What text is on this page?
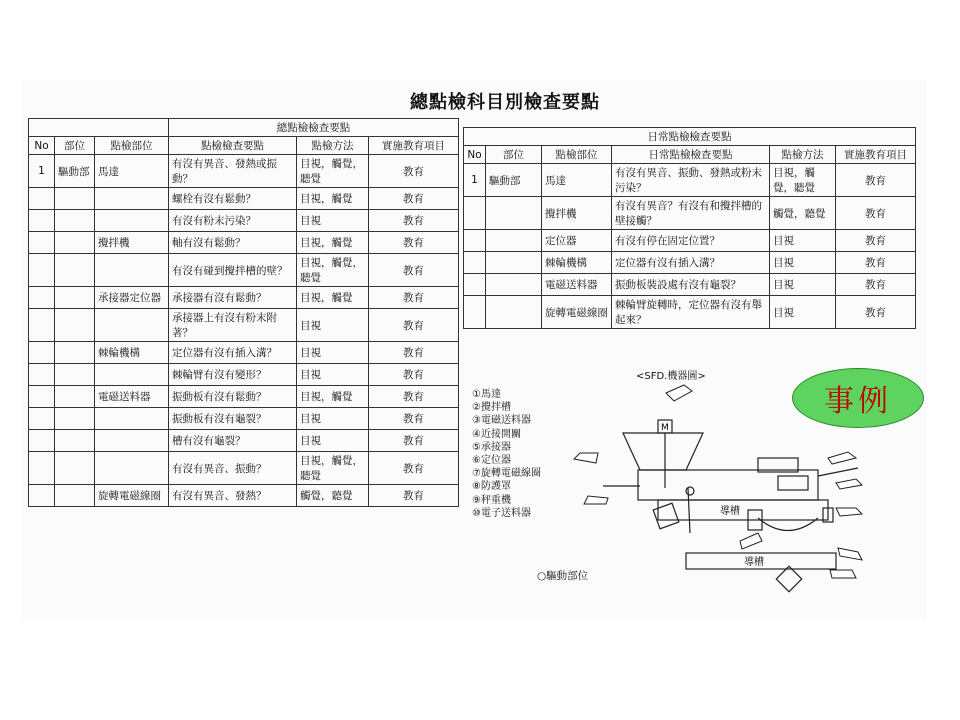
總點檢科目別檢查要點
			總點檢檢查要點		
No	部位	點檢部位	點檢檢查要點	點檢方法	實施教育項目
1	驅動部	馬達	有沒有異音、發熱或振動？	目視，觸覺，聽覺	教育
			螺栓有沒有鬆動？	目視，觸覺	教育
			有沒有粉末污染？	目視	教育
		攪拌機	軸有沒有鬆動？	目視，觸覺	教育
			有沒有碰到攪拌槽的壁？	目視，觸覺，聽覺	教育
		承接器定位器	承接器有沒有鬆動？	目視，觸覺	教育
			承接器上有沒有粉末附著？	目視	教育
		棘輪機構	定位器有沒有插入溝？	目視	教育
			棘輪臂有沒有變形？	目視	教育
		電磁送料器	振動板有沒有鬆動？	目視，觸覺	教育
			振動板有沒有龜裂？	目視	教育
			槽有沒有龜裂？	目視	教育
			有沒有異音、振動？	目視，觸覺，聽覺	教育
		旋轉電磁線圈	有沒有異音、發熱？	觸覺，聽覺	教育
日常點檢檢查要點					
No	部位	點檢部位	日常點檢檢查要點	點檢方法	實施教育項目
1	驅動部	馬達	有沒有異音、振動、發熱或粉末污染？	目視，觸覺，聽覺	教育
		攪拌機	有沒有異音？有沒有和攪拌槽的壁接觸？	觸覺，聽覺	教育
		定位器	有沒有停在固定位置？	目視	教育
		棘輪機構	定位器有沒有插入溝？	目視	教育
		電磁送料器	振動板裝設處有沒有龜裂？	目視	教育
		旋轉電磁線圈	棘輪臂旋轉時，定位器有沒有舉起來？	目視	教育
<SFD.機器圖>
①馬達
②攪拌槽
③電磁送料器
④近接開關
⑤承接器
⑥定位器
⑦旋轉電磁線圈
⑧防護罩
⑨秤重機
⑩電子送料器
M
導槽
導槽
○驅動部位
事例
